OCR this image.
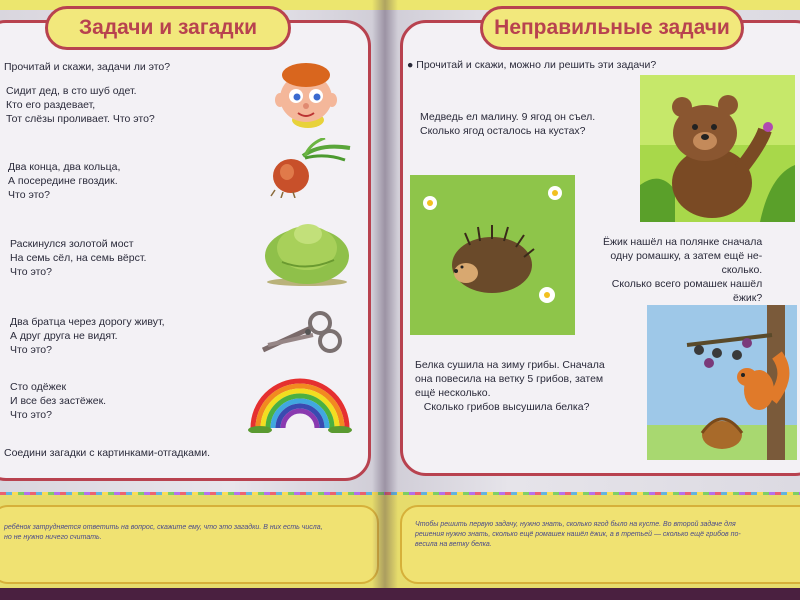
Задачи и загадки
Прочитай и скажи, задачи ли это?
Сидит дед, в сто шуб одет.
Кто его раздевает,
Тот слёзы проливает. Что это?
Два конца, два кольца,
А посередине гвоздик.
Что это?
Раскинулся золотой мост
На семь сёл, на семь вёрст.
Что это?
Два братца через дорогу живут,
А друг друга не видят.
Что это?
Сто одёжек
И все без застёжек.
Что это?
Соедини загадки с картинками-отгадками.
ребёнок затрудняется ответить на вопрос, скажите ему, что это загадки. В них есть числа,
но не нужно ничего считать.
Неправильные задачи
● Прочитай и скажи, можно ли решить эти задачи?
Медведь ел малину. 9 ягод он съел.
Сколько ягод осталось на кустах?
Ёжик нашёл на полянке сначала
одну ромашку, а затем ещё не-
сколько.
Сколько всего ромашек нашёл
ёжик?
Белка сушила на зиму грибы. Сначала
она повесила на ветку 5 грибов, затем
ещё несколько.
Сколько грибов высушила белка?
Чтобы решить первую задачу, нужно знать, сколько ягод было на кусте. Во второй задаче для
решения нужно знать, сколько ещё ромашек нашёл ёжик, а в третьей — сколько ещё грибов по-
весила на ветку белка.
